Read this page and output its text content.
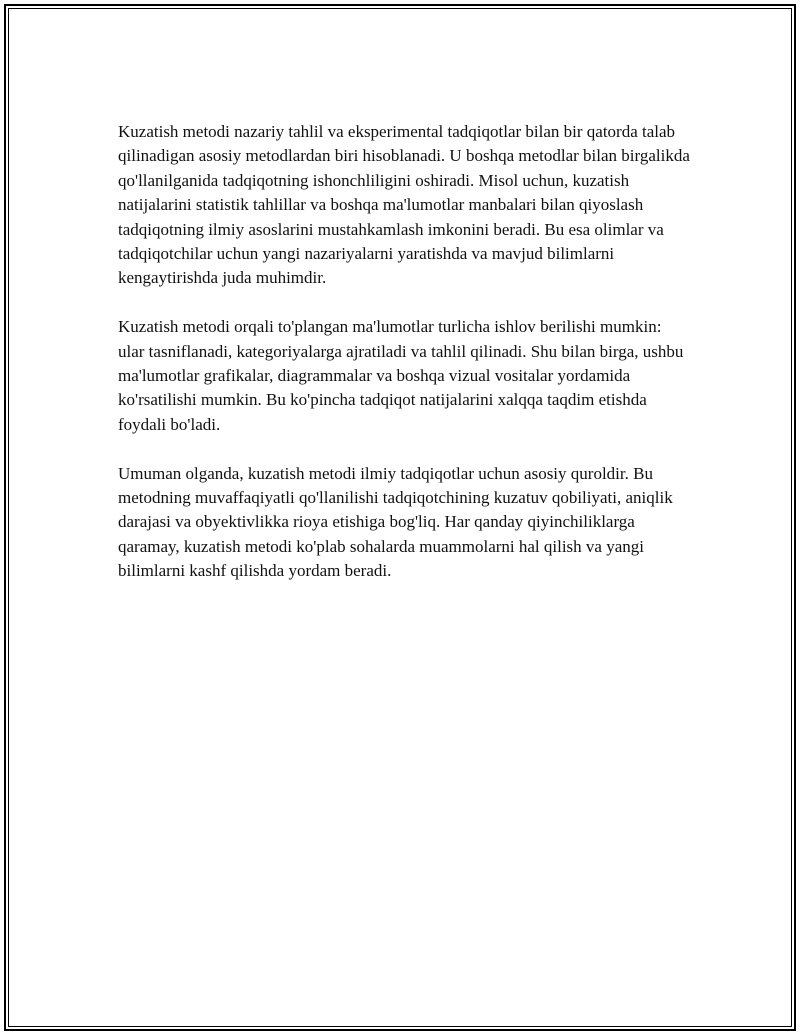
Kuzatish metodi nazariy tahlil va eksperimental tadqiqotlar bilan bir qatorda talab qilinadigan asosiy metodlardan biri hisoblanadi. U boshqa metodlar bilan birgalikda qo'llanilganida tadqiqotning ishonchliligini oshiradi. Misol uchun, kuzatish natijalarini statistik tahlillar va boshqa ma'lumotlar manbalari bilan qiyoslash tadqiqotning ilmiy asoslarini mustahkamlash imkonini beradi. Bu esa olimlar va tadqiqotchilar uchun yangi nazariyalarni yaratishda va mavjud bilimlarni kengaytirishda juda muhimdir.

Kuzatish metodi orqali to'plangan ma'lumotlar turlicha ishlov berilishi mumkin: ular tasniflanadi, kategoriyalarga ajratiladi va tahlil qilinadi. Shu bilan birga, ushbu ma'lumotlar grafikalar, diagrammalar va boshqa vizual vositalar yordamida ko'rsatilishi mumkin. Bu ko'pincha tadqiqot natijalarini xalqqa taqdim etishda foydali bo'ladi.

Umuman olganda, kuzatish metodi ilmiy tadqiqotlar uchun asosiy quroldir. Bu metodning muvaffaqiyatli qo'llanilishi tadqiqotchining kuzatuv qobiliyati, aniqlik darajasi va obyektivlikka rioya etishiga bog'liq. Har qanday qiyinchiliklarga qaramay, kuzatish metodi ko'plab sohalarda muammolarni hal qilish va yangi bilimlarni kashf qilishda yordam beradi.
